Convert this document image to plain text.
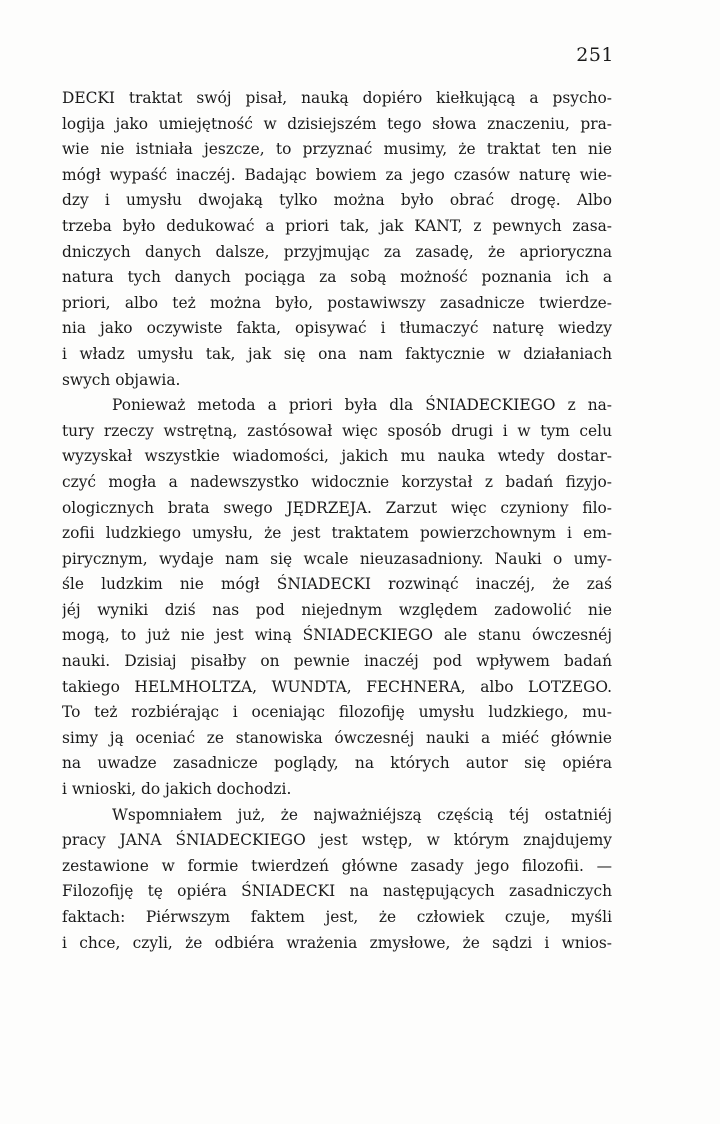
251
DECKI traktat swój pisał, nauką dopiéro kiełkującą a psycho-
logija jako umiejętność w dzisiejszém tego słowa znaczeniu, pra-
wie nie istniała jeszcze, to przyznać musimy, że traktat ten nie
mógł wypaść inaczéj. Badając bowiem za jego czasów naturę wie-
dzy i umysłu dwojaką tylko można było obrać drogę. Albo
trzeba było dedukować a priori tak, jak KANT, z pewnych zasa-
dniczych danych dalsze, przyjmując za zasadę, że aprioryczna
natura tych danych pociąga za sobą możność poznania ich a
priori, albo też można było, postawiwszy zasadnicze twierdze-
nia jako oczywiste fakta, opisywać i tłumaczyć naturę wiedzy
i władz umysłu tak, jak się ona nam faktycznie w działaniach
swych objawia.
Ponieważ metoda a priori była dla ŚNIADECKIEGO z na-
tury rzeczy wstrętną, zastósował więc sposób drugi i w tym celu
wyzyskał wszystkie wiadomości, jakich mu nauka wtedy dostar-
czyć mogła a nadewszystko widocznie korzystał z badań fizyjo-
ologicznych brata swego JĘDRZEJA. Zarzut więc czyniony filo-
zofii ludzkiego umysłu, że jest traktatem powierzchownym i em-
pirycznym, wydaje nam się wcale nieuzasadniony. Nauki o umy-
śle ludzkim nie mógł ŚNIADECKI rozwinąć inaczéj, że zaś
jéj wyniki dziś nas pod niejednym względem zadowolić nie
mogą, to już nie jest winą ŚNIADECKIEGO ale stanu ówczesnéj
nauki. Dzisiaj pisałby on pewnie inaczéj pod wpływem badań
takiego HELMHOLTZA, WUNDTA, FECHNERA, albo LOTZEGO.
To też rozbiérając i oceniając filozofiję umysłu ludzkiego, mu-
simy ją oceniać ze stanowiska ówczesnéj nauki a miéć głównie
na uwadze zasadnicze poglądy, na których autor się opiéra
i wnioski, do jakich dochodzi.
Wspomniałem już, że najważniéjszą częścią téj ostatniéj
pracy JANA ŚNIADECKIEGO jest wstęp, w którym znajdujemy
zestawione w formie twierdzeń główne zasady jego filozofii. —
Filozofiję tę opiéra ŚNIADECKI na następujących zasadniczych
faktach: Piérwszym faktem jest, że człowiek czuje, myśli
i chce, czyli, że odbiéra wrażenia zmysłowe, że sądzi i wnios-
